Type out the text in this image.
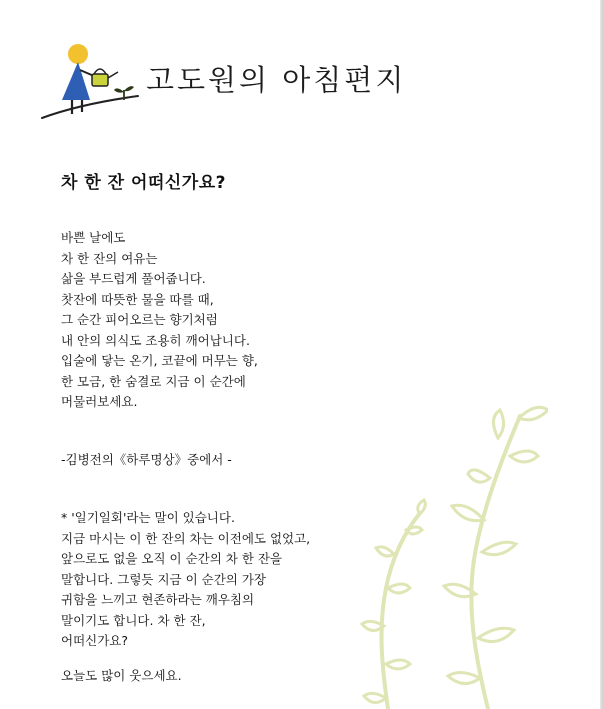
고도원의 아침편지
차 한 잔 어떠신가요?
바쁜 날에도
차 한 잔의 여유는
삶을 부드럽게 풀어줍니다.
찻잔에 따뜻한 물을 따를 때,
그 순간 피어오르는 향기처럼
내 안의 의식도 조용히 깨어납니다.
입술에 닿는 온기, 코끝에 머무는 향,
한 모금, 한 숨결로 지금 이 순간에
머물러보세요.
-김병전의《하루명상》중에서 -
* '일기일회'라는 말이 있습니다.
지금 마시는 이 한 잔의 차는 이전에도 없었고,
앞으로도 없을 오직 이 순간의 차 한 잔을
말합니다. 그렇듯 지금 이 순간의 가장
귀함을 느끼고 현존하라는 깨우침의
말이기도 합니다. 차 한 잔,
어떠신가요?
오늘도 많이 웃으세요.
